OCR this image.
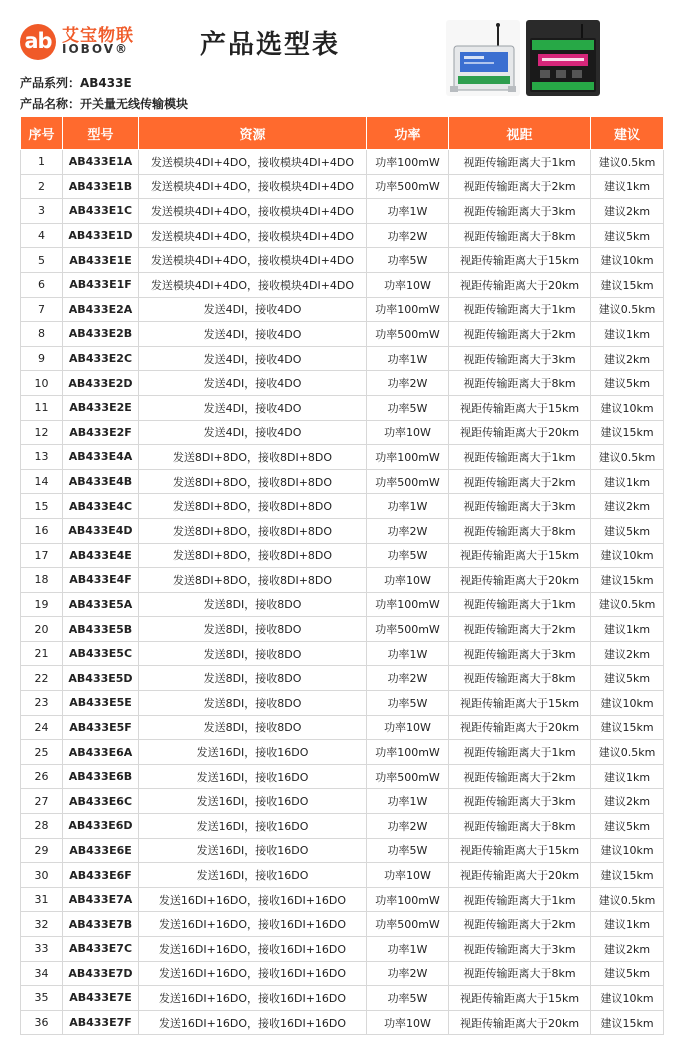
ab 艾宝物联
IOBOV®	产品选型表
产品系列：AB433E
产品名称：开关量无线传输模块
序号	型号	资源	功率	视距	建议
1	AB433E1A	发送模块4DI+4DO，接收模块4DI+4DO	功率100mW	视距传输距离大于1km	建议0.5km
2	AB433E1B	发送模块4DI+4DO，接收模块4DI+4DO	功率500mW	视距传输距离大于2km	建议1km
3	AB433E1C	发送模块4DI+4DO，接收模块4DI+4DO	功率1W	视距传输距离大于3km	建议2km
4	AB433E1D	发送模块4DI+4DO，接收模块4DI+4DO	功率2W	视距传输距离大于8km	建议5km
5	AB433E1E	发送模块4DI+4DO，接收模块4DI+4DO	功率5W	视距传输距离大于15km	建议10km
6	AB433E1F	发送模块4DI+4DO，接收模块4DI+4DO	功率10W	视距传输距离大于20km	建议15km
7	AB433E2A	发送4DI，接收4DO	功率100mW	视距传输距离大于1km	建议0.5km
8	AB433E2B	发送4DI，接收4DO	功率500mW	视距传输距离大于2km	建议1km
9	AB433E2C	发送4DI，接收4DO	功率1W	视距传输距离大于3km	建议2km
10	AB433E2D	发送4DI，接收4DO	功率2W	视距传输距离大于8km	建议5km
11	AB433E2E	发送4DI，接收4DO	功率5W	视距传输距离大于15km	建议10km
12	AB433E2F	发送4DI，接收4DO	功率10W	视距传输距离大于20km	建议15km
13	AB433E4A	发送8DI+8DO，接收8DI+8DO	功率100mW	视距传输距离大于1km	建议0.5km
14	AB433E4B	发送8DI+8DO，接收8DI+8DO	功率500mW	视距传输距离大于2km	建议1km
15	AB433E4C	发送8DI+8DO，接收8DI+8DO	功率1W	视距传输距离大于3km	建议2km
16	AB433E4D	发送8DI+8DO，接收8DI+8DO	功率2W	视距传输距离大于8km	建议5km
17	AB433E4E	发送8DI+8DO，接收8DI+8DO	功率5W	视距传输距离大于15km	建议10km
18	AB433E4F	发送8DI+8DO，接收8DI+8DO	功率10W	视距传输距离大于20km	建议15km
19	AB433E5A	发送8DI，接收8DO	功率100mW	视距传输距离大于1km	建议0.5km
20	AB433E5B	发送8DI，接收8DO	功率500mW	视距传输距离大于2km	建议1km
21	AB433E5C	发送8DI，接收8DO	功率1W	视距传输距离大于3km	建议2km
22	AB433E5D	发送8DI，接收8DO	功率2W	视距传输距离大于8km	建议5km
23	AB433E5E	发送8DI，接收8DO	功率5W	视距传输距离大于15km	建议10km
24	AB433E5F	发送8DI，接收8DO	功率10W	视距传输距离大于20km	建议15km
25	AB433E6A	发送16DI，接收16DO	功率100mW	视距传输距离大于1km	建议0.5km
26	AB433E6B	发送16DI，接收16DO	功率500mW	视距传输距离大于2km	建议1km
27	AB433E6C	发送16DI，接收16DO	功率1W	视距传输距离大于3km	建议2km
28	AB433E6D	发送16DI，接收16DO	功率2W	视距传输距离大于8km	建议5km
29	AB433E6E	发送16DI，接收16DO	功率5W	视距传输距离大于15km	建议10km
30	AB433E6F	发送16DI，接收16DO	功率10W	视距传输距离大于20km	建议15km
31	AB433E7A	发送16DI+16DO，接收16DI+16DO	功率100mW	视距传输距离大于1km	建议0.5km
32	AB433E7B	发送16DI+16DO，接收16DI+16DO	功率500mW	视距传输距离大于2km	建议1km
33	AB433E7C	发送16DI+16DO，接收16DI+16DO	功率1W	视距传输距离大于3km	建议2km
34	AB433E7D	发送16DI+16DO，接收16DI+16DO	功率2W	视距传输距离大于8km	建议5km
35	AB433E7E	发送16DI+16DO，接收16DI+16DO	功率5W	视距传输距离大于15km	建议10km
36	AB433E7F	发送16DI+16DO，接收16DI+16DO	功率10W	视距传输距离大于20km	建议15km
